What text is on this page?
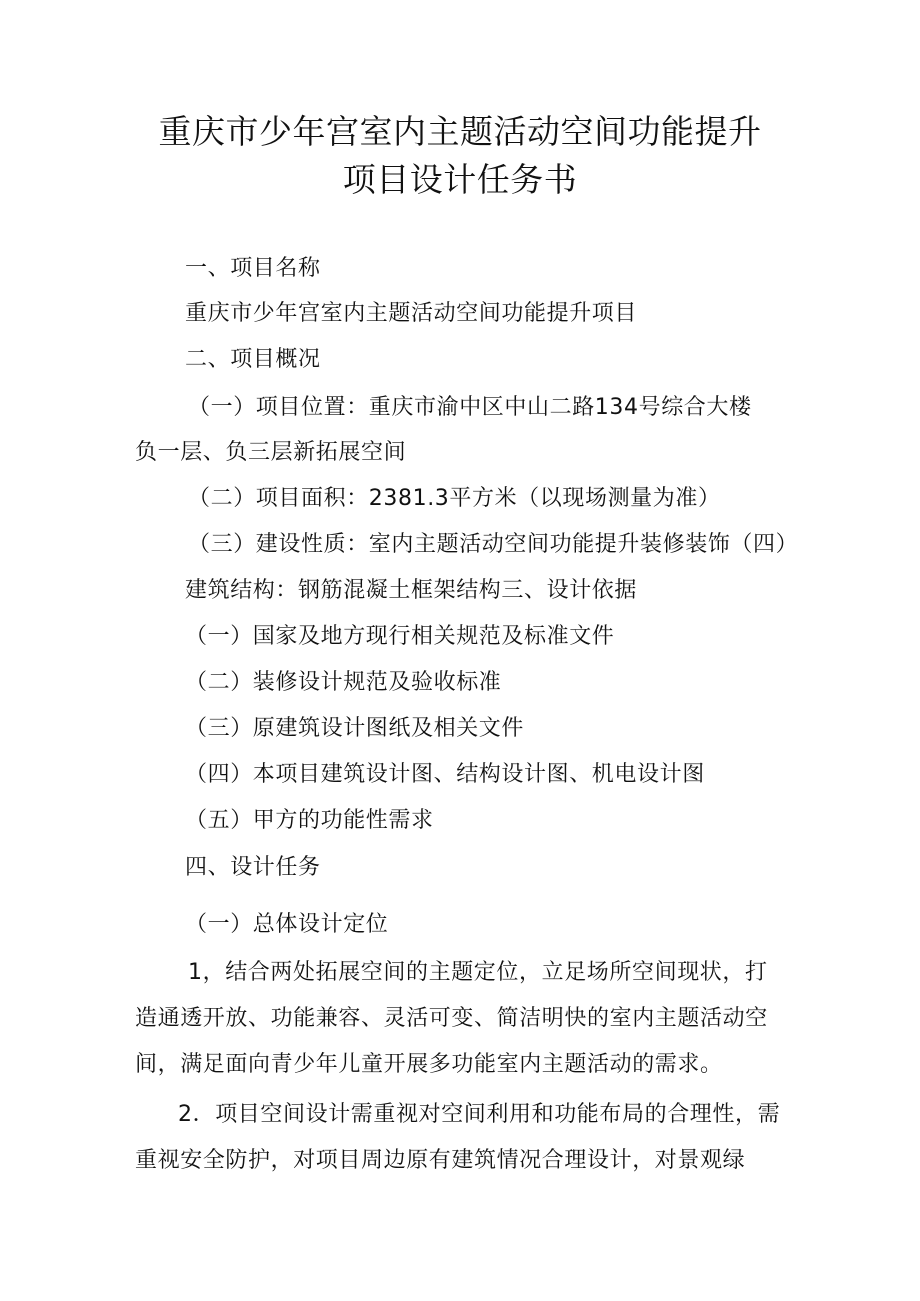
重庆市少年宫室内主题活动空间功能提升
项目设计任务书
一、项目名称
重庆市少年宫室内主题活动空间功能提升项目
二、项目概况
（一）项目位置：重庆市渝中区中山二路134号综合大楼
负一层、负三层新拓展空间
（二）项目面积：2381.3平方米（以现场测量为准）
（三）建设性质：室内主题活动空间功能提升装修装饰（四）
建筑结构：钢筋混凝土框架结构三、设计依据
（一）国家及地方现行相关规范及标准文件
（二）装修设计规范及验收标准
（三）原建筑设计图纸及相关文件
（四）本项目建筑设计图、结构设计图、机电设计图
（五）甲方的功能性需求
四、设计任务
（一）总体设计定位
1，结合两处拓展空间的主题定位，立足场所空间现状，打
造通透开放、功能兼容、灵活可变、简洁明快的室内主题活动空
间，满足面向青少年儿童开展多功能室内主题活动的需求。
2．项目空间设计需重视对空间利用和功能布局的合理性，需
重视安全防护，对项目周边原有建筑情况合理设计，对景观绿
